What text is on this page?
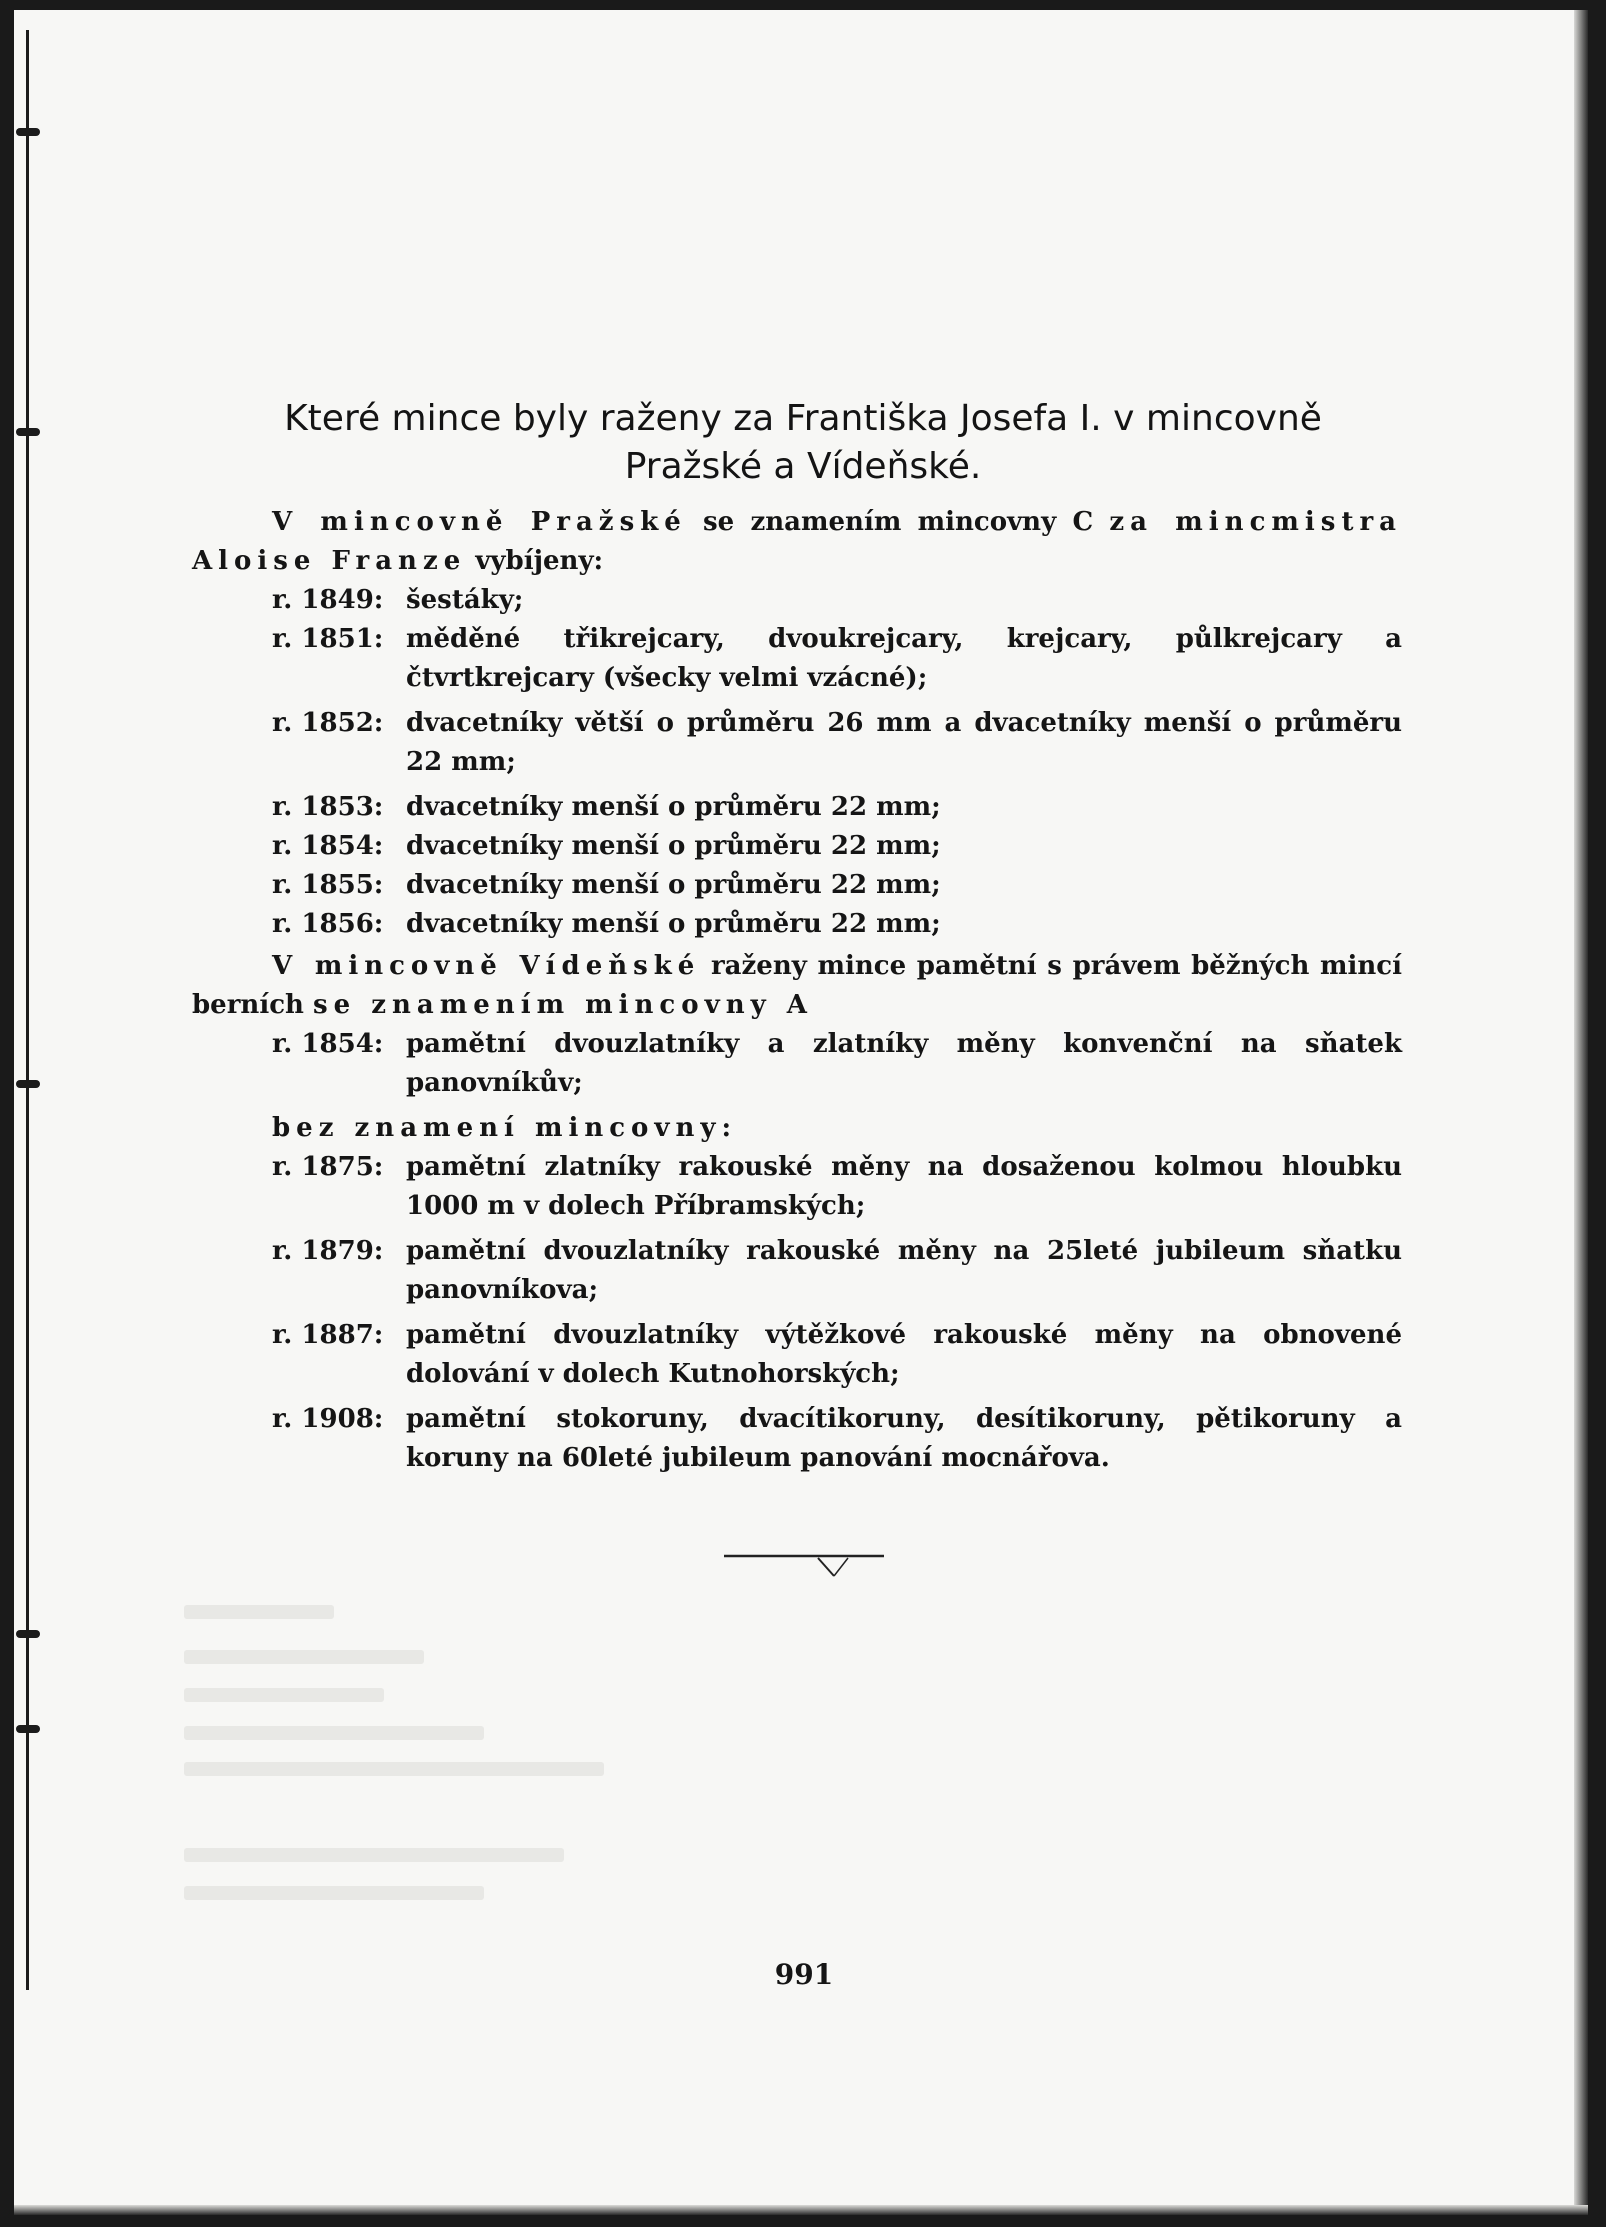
Které mince byly raženy za Františka Josefa I. v mincovně
Pražské a Vídeňské.

V mincovně Pražské se znamením mincovny C za mincmistra Aloise Franze vybíjeny:

r. 1849: šestáky;
r. 1851: měděné třikrejcary, dvoukrejcary, krejcary, půlkrejcary a čtvrtkrejcary (všecky velmi vzácné);
r. 1852: dvacetníky větší o průměru 26 mm a dvacetníky menší o průměru 22 mm;
r. 1853: dvacetníky menší o průměru 22 mm;
r. 1854: dvacetníky menší o průměru 22 mm;
r. 1855: dvacetníky menší o průměru 22 mm;
r. 1856: dvacetníky menší o průměru 22 mm;

V mincovně Vídeňské raženy mince pamětní s právem běžných mincí berních se znamením mincovny A

r. 1854: pamětní dvouzlatníky a zlatníky měny konvenční na sňatek panovníkův;

bez znamení mincovny:

r. 1875: pamětní zlatníky rakouské měny na dosaženou kolmou hloubku 1000 m v dolech Příbramských;
r. 1879: pamětní dvouzlatníky rakouské měny na 25leté jubileum sňatku panovníkova;
r. 1887: pamětní dvouzlatníky výtěžkové rakouské měny na obnovené dolování v dolech Kutnohorských;
r. 1908: pamětní stokoruny, dvacítikoruny, desítikoruny, pětikoruny a koruny na 60leté jubileum panování mocnářova.
991
